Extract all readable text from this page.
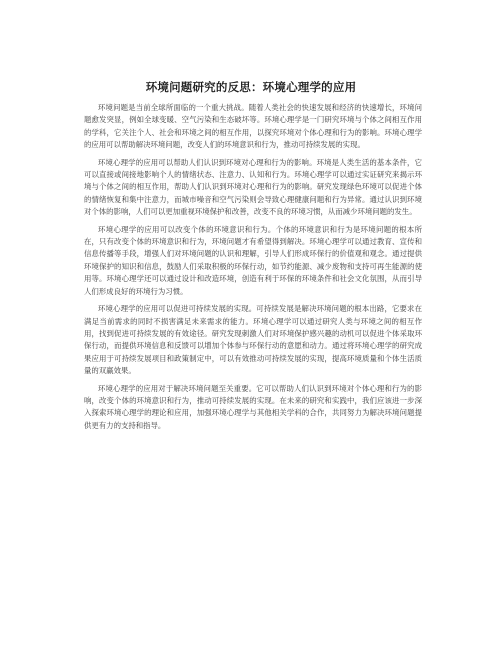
环境问题研究的反思：环境心理学的应用

环境问题是当前全球所面临的一个重大挑战。随着人类社会的快速发展和经济的快速增长，环境问题愈发突显，例如全球变暖、空气污染和生态破坏等。环境心理学是一门研究环境与个体之间相互作用的学科，它关注个人、社会和环境之间的相互作用，以探究环境对个体心理和行为的影响。环境心理学的应用可以帮助解决环境问题，改变人们的环境意识和行为，推动可持续发展的实现。

环境心理学的应用可以帮助人们认识到环境对心理和行为的影响。环境是人类生活的基本条件，它可以直接或间接地影响个人的情绪状态、注意力、认知和行为。环境心理学可以通过实证研究来揭示环境与个体之间的相互作用，帮助人们认识到环境对心理和行为的影响。研究发现绿色环境可以促进个体的情绪恢复和集中注意力，而城市噪音和空气污染则会导致心理健康问题和行为异常。通过认识到环境对个体的影响，人们可以更加重视环境保护和改善，改变不良的环境习惯，从而减少环境问题的发生。

环境心理学的应用可以改变个体的环境意识和行为。个体的环境意识和行为是环境问题的根本所在，只有改变个体的环境意识和行为，环境问题才有希望得到解决。环境心理学可以通过教育、宣传和信息传播等手段，增强人们对环境问题的认识和理解，引导人们形成环保行的价值观和观念。通过提供环境保护的知识和信息，鼓励人们采取积极的环保行动，如节约能源、减少废物和支持可再生能源的使用等。环境心理学还可以通过设计和改造环境，创造有利于环保的环境条件和社会文化氛围，从而引导人们形成良好的环境行为习惯。

环境心理学的应用可以促进可持续发展的实现。可持续发展是解决环境问题的根本出路，它要求在满足当前需求的同时不损害满足未来需求的能力。环境心理学可以通过研究人类与环境之间的相互作用，找到促进可持续发展的有效途径。研究发现刺激人们对环境保护感兴趣的动机可以促进个体采取环保行动，而提供环境信息和反馈可以增加个体参与环保行动的意愿和动力。通过将环境心理学的研究成果应用于可持续发展项目和政策制定中，可以有效推动可持续发展的实现，提高环境质量和个体生活质量的双赢效果。

环境心理学的应用对于解决环境问题至关重要。它可以帮助人们认识到环境对个体心理和行为的影响，改变个体的环境意识和行为，推动可持续发展的实现。在未来的研究和实践中，我们应该进一步深入探索环境心理学的理论和应用，加强环境心理学与其他相关学科的合作，共同努力为解决环境问题提供更有力的支持和指导。
